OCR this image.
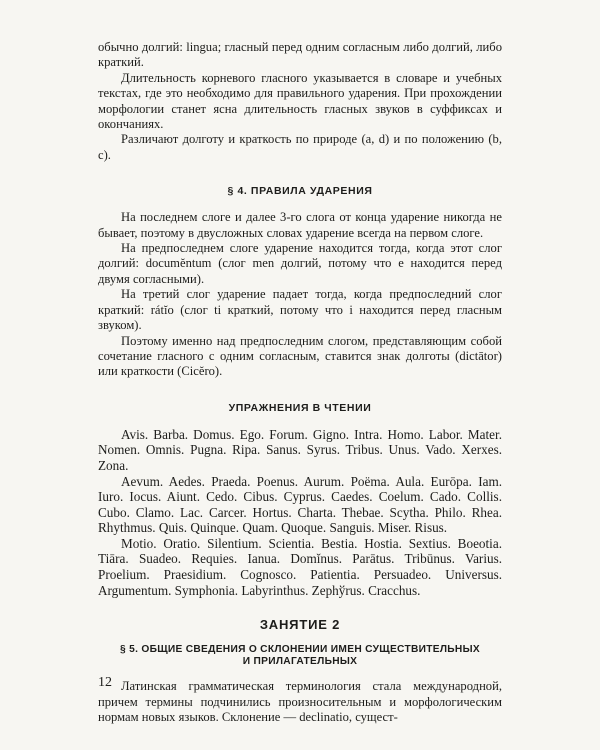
обычно долгий: lingua; гласный перед одним согласным либо долгий, либо краткий.

Длительность корневого гласного указывается в словаре и учебных текстах, где это необходимо для правильного ударения. При прохождении морфологии станет ясна длительность гласных звуков в суффиксах и окончаниях.

Различают долготу и краткость по природе (а, d) и по положению (b, с).

§ 4. ПРАВИЛА УДАРЕНИЯ

На последнем слоге и далее 3-го слога от конца ударение никогда не бывает, поэтому в двусложных словах ударение всегда на первом слоге.

На предпоследнем слоге ударение находится тогда, когда этот слог долгий: documĕntum (слог men долгий, потому что е находится перед двумя согласными).

На третий слог ударение падает тогда, когда предпоследний слог краткий: rátĭo (слог ti краткий, потому что i находится перед гласным звуком).

Поэтому именно над предпоследним слогом, представляющим собой сочетание гласного с одним согласным, ставится знак долготы (dictātor) или краткости (Cicĕro).

УПРАЖНЕНИЯ В ЧТЕНИИ

Avis. Barba. Domus. Ego. Forum. Gigno. Intra. Homo. Labor. Mater. Nomen. Omnis. Pugna. Ripa. Sanus. Syrus. Tribus. Unus. Vado. Xerxes. Zona.

Aevum. Aedes. Praeda. Poenus. Aurum. Poëma. Aula. Eurōpa. Iam. Iuro. Iocus. Aiunt. Cedo. Cibus. Cyprus. Caedes. Coelum. Cado. Collis. Cubo. Clamo. Lac. Carcer. Hortus. Charta. Thebae. Scytha. Philo. Rhea. Rhythmus. Quis. Quinque. Quam. Quoque. Sanguis. Miser. Risus.

Motio. Oratio. Silentium. Scientia. Bestia. Hostia. Sextius. Boeotia. Tiāra. Suadeo. Requies. Ianua. Domĭnus. Parātus. Tribūnus. Varius. Proelium. Praesidium. Cognosco. Patientia. Persuadeo. Universus. Argumentum. Symphonia. Labyrinthus. Zephўrus. Cracchus.

ЗАНЯТИЕ 2
§ 5. ОБЩИЕ СВЕДЕНИЯ О СКЛОНЕНИИ ИМЕН СУЩЕСТВИТЕЛЬНЫХ
И ПРИЛАГАТЕЛЬНЫХ

Латинская грамматическая терминология стала международной, причем термины подчинились произносительным и морфологическим нормам новых языков. Склонение — declinatio, сущест-

12
